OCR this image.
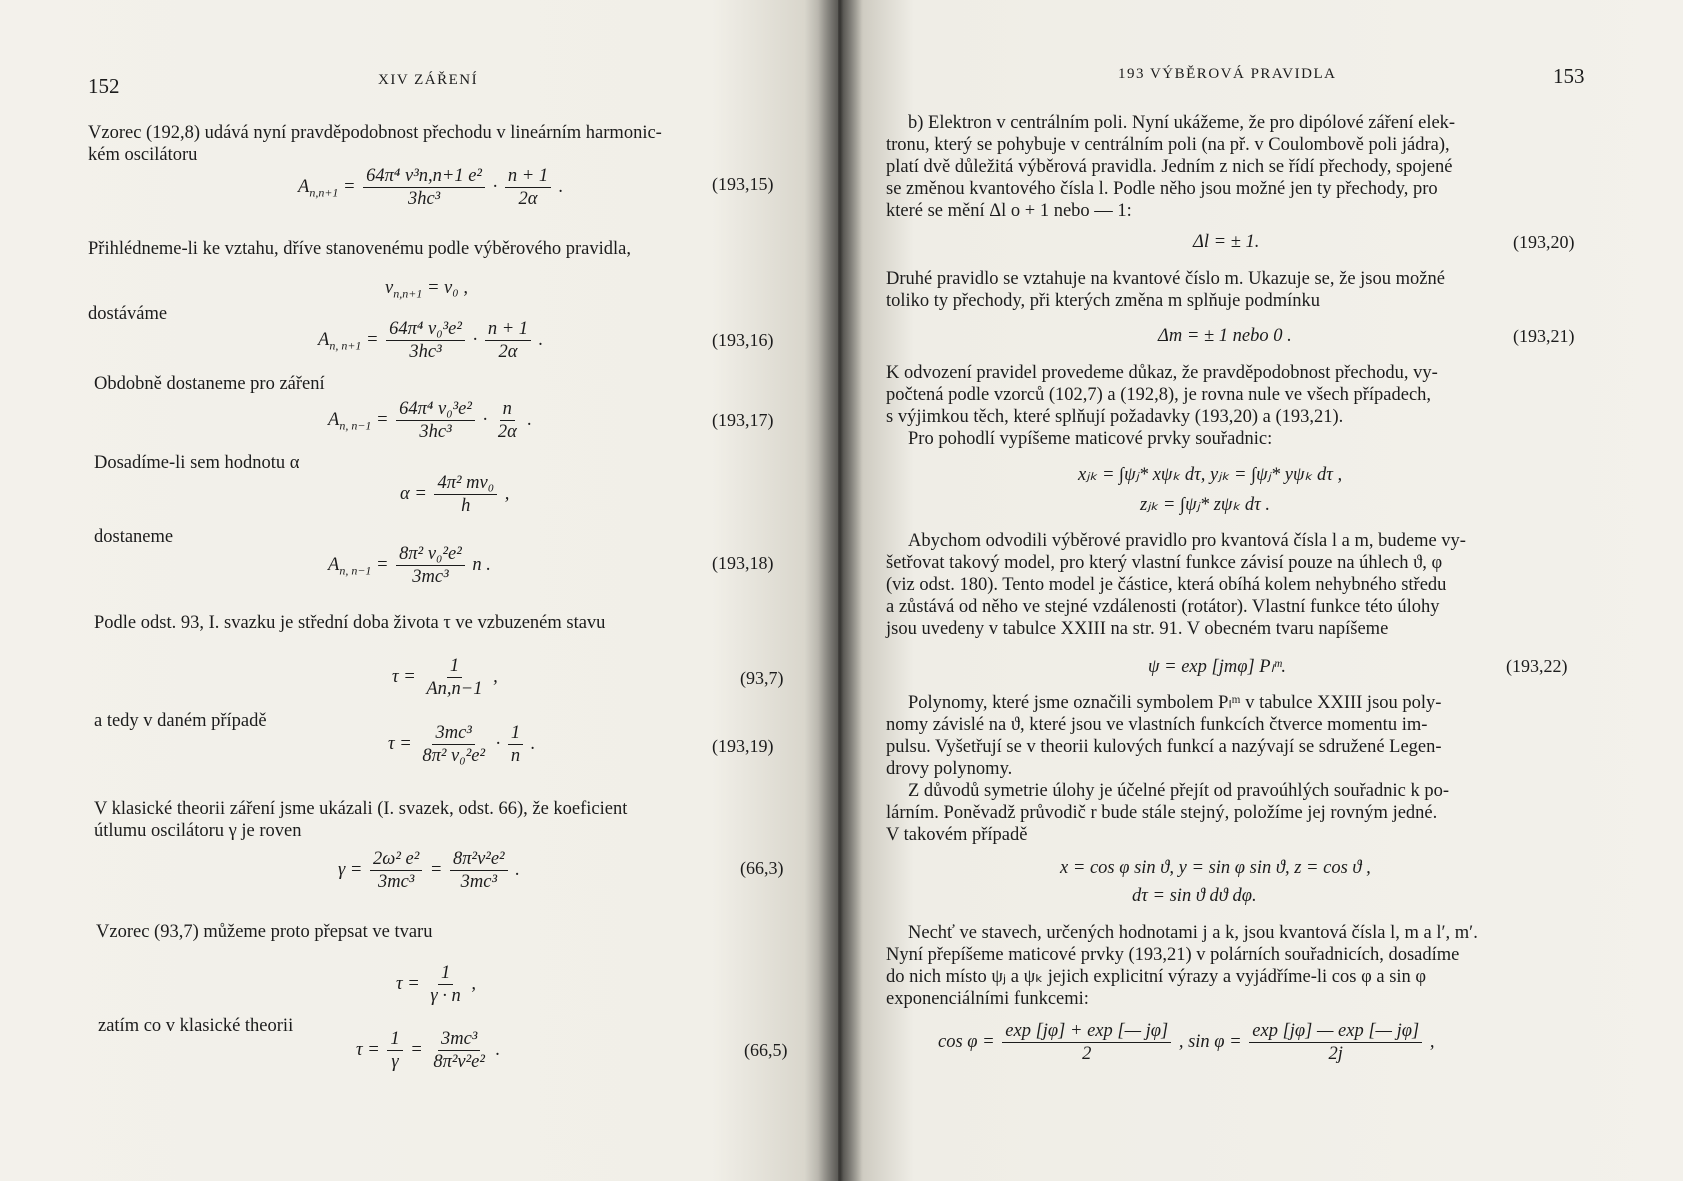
152	XIV ZÁŘENÍ
Vzorec (192,8) udává nyní pravděpodobnost přechodu v lineárním harmonic-
kém oscilátoru
$A_{n,n+1} = \frac{\text{64π⁴ ν³n,n+1 e²}}{\text{3hc³}} \cdot \frac{n + 1}{2\alpha}$ .	(193,15)
Přihlédneme-li ke vztahu, dříve stanovenému podle výběrového pravidla,
$\nu_{n,n+1} = \nu_0$ ,
dostáváme
$A_{n, n+1} = \frac{\text{64π⁴ ν₀³e²}}{\text{3hc³}} \cdot \frac{n + 1}{2\alpha}$ .	(193,16)
Obdobně dostaneme pro záření
$A_{n, n-1} = \frac{\text{64π⁴ ν₀³e²}}{\text{3hc³}} \cdot \frac{n}{2\alpha}$ .	(193,17)
Dosadíme-li sem hodnotu α
$\alpha = \frac{\text{4π² mν₀}}{h}$ ,
dostaneme
$A_{n, n-1} = \frac{\text{8π² ν₀²e²}}{\text{3mc³}}$ n .	(193,18)
Podle odst. 93, I. svazku je střední doba života τ ve vzbuzeném stavu
$\tau = \frac{1}{An,n-1}$ ,	(93,7)
a tedy v daném případě
$\tau = \frac{\text{3mc³}}{\text{8π² ν₀²e²}} \cdot \frac{1}{n}$ .	(193,19)
V klasické theorii záření jsme ukázali (I. svazek, odst. 66), že koeficient
útlumu oscilátoru γ je roven
$\gamma = \frac{\text{2ω² e²}}{\text{3mc³}} = \frac{\text{8π²ν²e²}}{\text{3mc³}}$ .	(66,3)
Vzorec (93,7) můžeme proto přepsat ve tvaru
$\tau = \frac{1}{\gamma \cdot n}$ ,
zatím co v klasické theorii
$\tau = \frac{1}{\gamma} = \frac{\text{3mc³}}{\text{8π²ν²e²}}$ .	(66,5)
193 VÝBĚROVÁ PRAVIDLA	153
b) Elektron v centrálním poli. Nyní ukážeme, že pro dipólové záření elek-
tronu, který se pohybuje v centrálním poli (na př. v Coulombově poli jádra),
platí dvě důležitá výběrová pravidla. Jedním z nich se řídí přechody, spojené
se změnou kvantového čísla l. Podle něho jsou možné jen ty přechody, pro
které se mění Δl o + 1 nebo — 1:
Δl = ± 1.	(193,20)
Druhé pravidlo se vztahuje na kvantové číslo m. Ukazuje se, že jsou možné
toliko ty přechody, při kterých změna m splňuje podmínku
Δm = ± 1 nebo 0 .	(193,21)
K odvození pravidel provedeme důkaz, že pravděpodobnost přechodu, vy-
počtená podle vzorců (102,7) a (192,8), je rovna nule ve všech případech,
s výjimkou těch, které splňují požadavky (193,20) a (193,21).
Pro pohodlí vypíšeme maticové prvky souřadnic:
xⱼₖ = ∫ψⱼ* xψₖ dτ, yⱼₖ = ∫ψⱼ* yψₖ dτ ,
zⱼₖ = ∫ψⱼ* zψₖ dτ .
Abychom odvodili výběrové pravidlo pro kvantová čísla l a m, budeme vy-
šetřovat takový model, pro který vlastní funkce závisí pouze na úhlech ϑ, φ
(viz odst. 180). Tento model je částice, která obíhá kolem nehybného středu
a zůstává od něho ve stejné vzdálenosti (rotátor). Vlastní funkce této úlohy
jsou uvedeny v tabulce XXIII na str. 91. V obecném tvaru napíšeme
ψ = exp [jmφ] Pₗᵐ.	(193,22)
Polynomy, které jsme označili symbolem Pₗᵐ v tabulce XXIII jsou poly-
nomy závislé na ϑ, které jsou ve vlastních funkcích čtverce momentu im-
pulsu. Vyšetřují se v theorii kulových funkcí a nazývají se sdružené Legen-
drovy polynomy.
Z důvodů symetrie úlohy je účelné přejít od pravoúhlých souřadnic k po-
lárním. Poněvadž průvodič r bude stále stejný, položíme jej rovným jedné.
V takovém případě
x = cos φ sin ϑ, y = sin φ sin ϑ, z = cos ϑ ,
dτ = sin ϑ dϑ dφ.
Nechť ve stavech, určených hodnotami j a k, jsou kvantová čísla l, m a l′, m′.
Nyní přepíšeme maticové prvky (193,21) v polárních souřadnicích, dosadíme
do nich místo ψⱼ a ψₖ jejich explicitní výrazy a vyjádříme-li cos φ a sin φ
exponenciálními funkcemi:
$\cos \varphi = \frac{\exp [j\varphi] + \exp [— j\varphi]}{2}$ , $\sin \varphi = \frac{\exp [j\varphi] — \exp [— j\varphi]}{2j}$ ,
